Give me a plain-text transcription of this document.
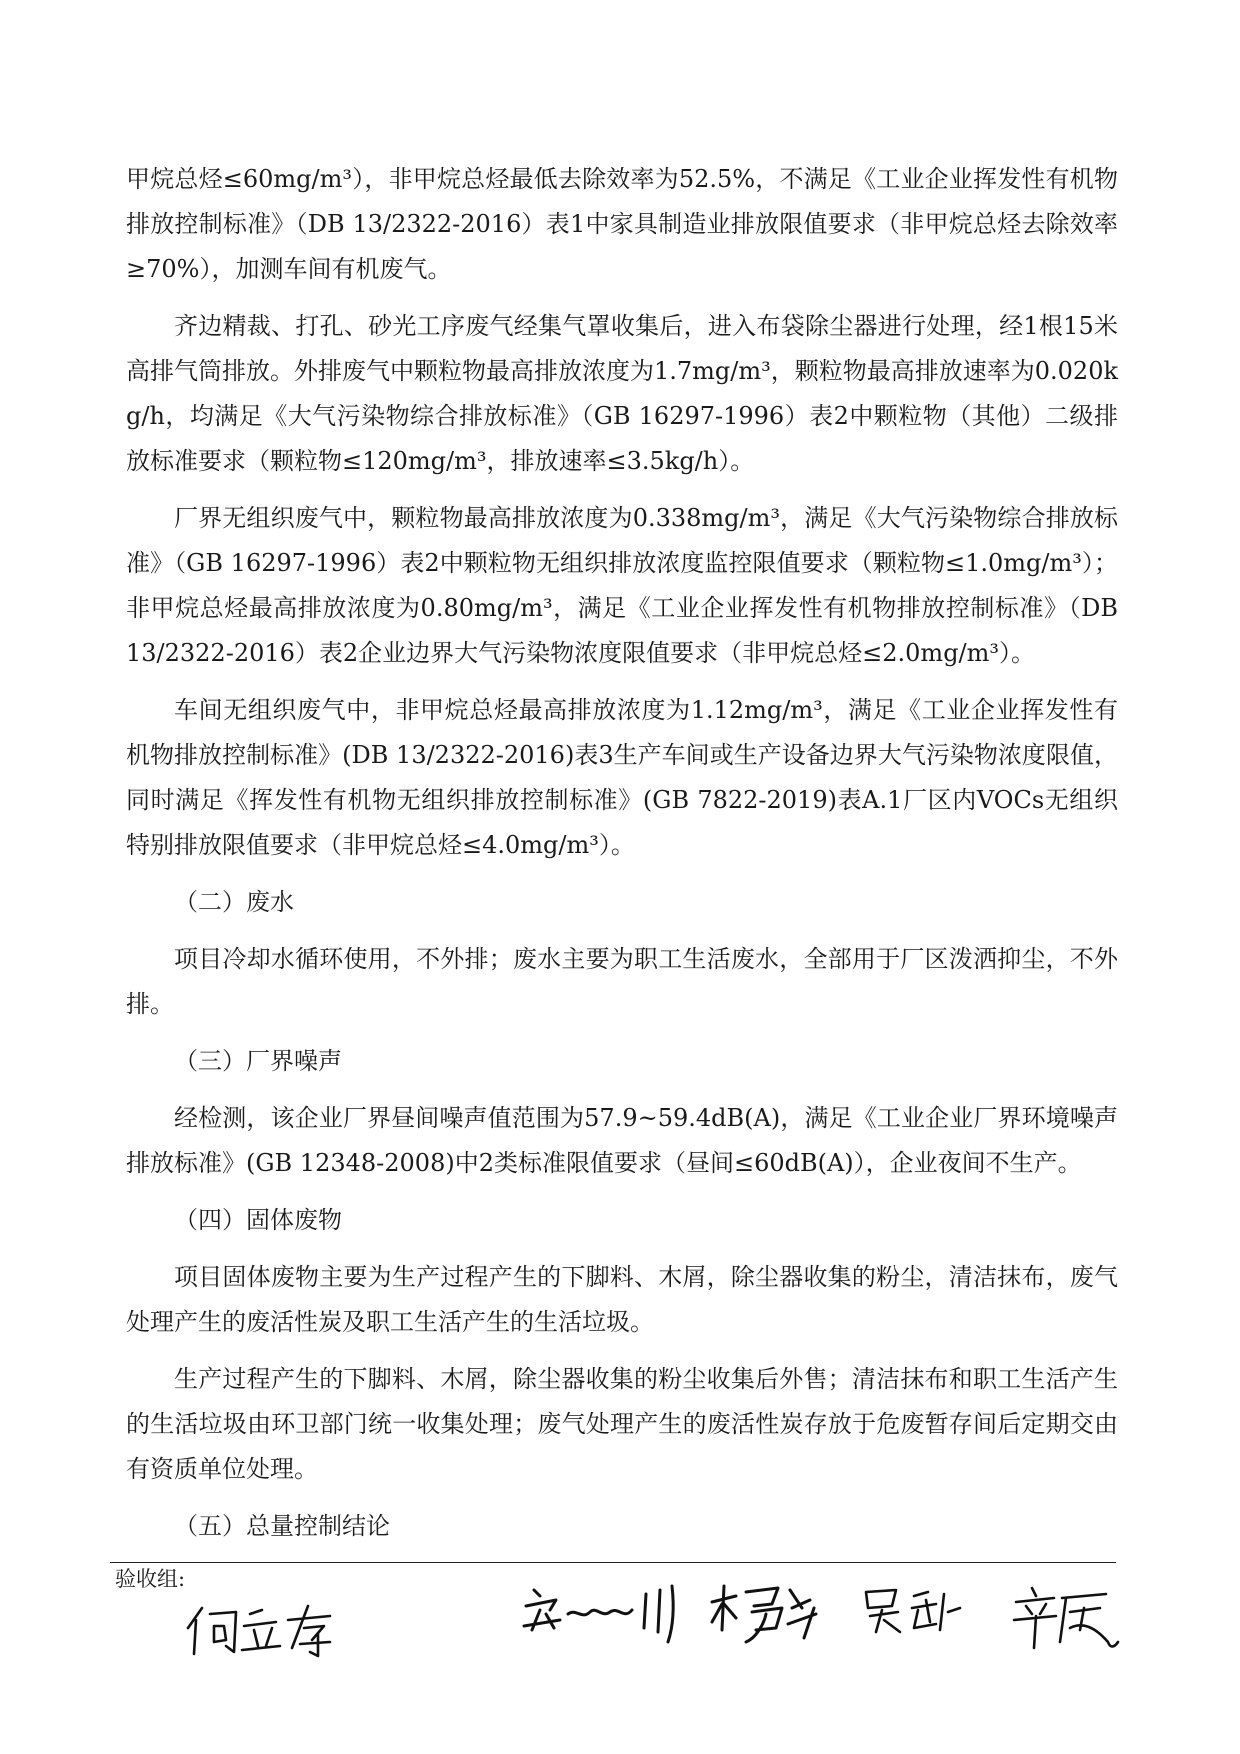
甲烷总烃≤60mg/m³），非甲烷总烃最低去除效率为52.5%，不满足《工业企业挥发性有机物排放控制标准》（DB 13/2322-2016）表1中家具制造业排放限值要求（非甲烷总烃去除效率≥70%），加测车间有机废气。

齐边精裁、打孔、砂光工序废气经集气罩收集后，进入布袋除尘器进行处理，经1根15米高排气筒排放。外排废气中颗粒物最高排放浓度为1.7mg/m³，颗粒物最高排放速率为0.020kg/h，均满足《大气污染物综合排放标准》（GB 16297-1996）表2中颗粒物（其他）二级排放标准要求（颗粒物≤120mg/m³，排放速率≤3.5kg/h）。

厂界无组织废气中，颗粒物最高排放浓度为0.338mg/m³，满足《大气污染物综合排放标准》（GB 16297-1996）表2中颗粒物无组织排放浓度监控限值要求（颗粒物≤1.0mg/m³）；非甲烷总烃最高排放浓度为0.80mg/m³，满足《工业企业挥发性有机物排放控制标准》（DB 13/2322-2016）表2企业边界大气污染物浓度限值要求（非甲烷总烃≤2.0mg/m³）。

车间无组织废气中，非甲烷总烃最高排放浓度为1.12mg/m³，满足《工业企业挥发性有机物排放控制标准》(DB 13/2322-2016)表3生产车间或生产设备边界大气污染物浓度限值，同时满足《挥发性有机物无组织排放控制标准》(GB 7822-2019)表A.1厂区内VOCs无组织特别排放限值要求（非甲烷总烃≤4.0mg/m³）。

（二）废水

项目冷却水循环使用，不外排；废水主要为职工生活废水，全部用于厂区泼洒抑尘，不外排。

（三）厂界噪声

经检测，该企业厂界昼间噪声值范围为57.9~59.4dB(A)，满足《工业企业厂界环境噪声排放标准》(GB 12348-2008)中2类标准限值要求（昼间≤60dB(A)），企业夜间不生产。

（四）固体废物

项目固体废物主要为生产过程产生的下脚料、木屑，除尘器收集的粉尘，清洁抹布，废气处理产生的废活性炭及职工生活产生的生活垃圾。

生产过程产生的下脚料、木屑，除尘器收集的粉尘收集后外售；清洁抹布和职工生活产生的生活垃圾由环卫部门统一收集处理；废气处理产生的废活性炭存放于危废暂存间后定期交由有资质单位处理。

（五）总量控制结论

验收组:
